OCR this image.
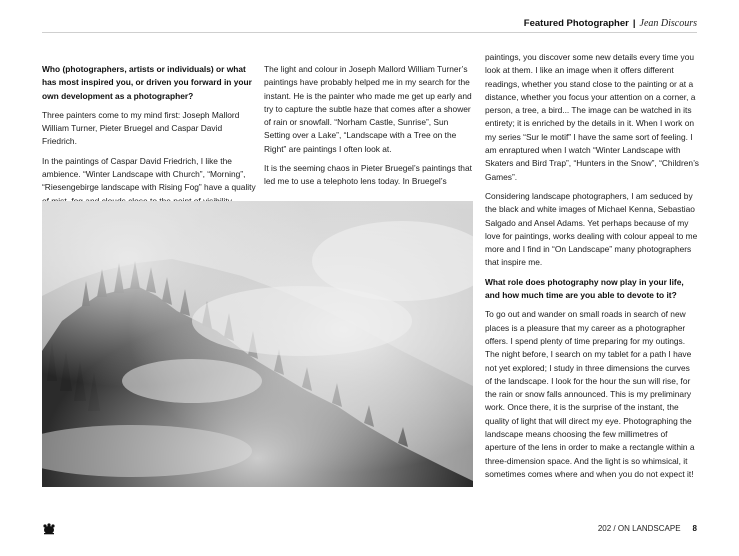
Featured Photographer | Jean Discours
Who (photographers, artists or individuals) or what has most inspired you, or driven you forward in your own development as a photographer?

Three painters come to my mind first: Joseph Mallord William Turner, Pieter Bruegel and Caspar David Friedrich.

In the paintings of Caspar David Friedrich, I like the ambience. “Winter Landscape with Church”, “Morning”, “Riesengebirge landscape with Rising Fog” have a quality

The light and colour in Joseph Mallord William Turner’s paintings have probably helped me in my search for the instant. He is the painter who made me get up early and try to capture the subtle haze that comes after a shower of rain or snowfall. “Norham Castle, Sunrise”, Sun Setting over a Lake”, “Landscape with a Tree on the Right” are paintings I often look at.

It is the seeming chaos in Pieter Bruegel’s paintings that led me to use a telephoto lens today. In Bruegel’s

paintings, you discover some new details every time you look at them. I like an image when it offers different readings, whether you stand close to the painting or at a distance, whether you focus your attention on a corner, a person, a tree, a bird... The image can be watched in its entirety; it is enriched by the details in it. When I work on my series “Sur le motif” I have the same sort of feeling. I am enraptured when I watch “Winter Landscape with Skaters and Bird Trap”, “Hunters in the Snow”, “Children’s Games”.

Considering landscape photographers, I am seduced by the black and white images of Michael Kenna, Sebastiao Salgado and Ansel Adams. Yet perhaps because of my love for paintings, works dealing with colour appeal to me more and I find in “On Landscape” many photographers that inspire me.

What role does photography now play in your life, and how much time are you able to devote to it?

To go out and wander on small roads in search of new places is a pleasure that my career as a photographer offers. I spend plenty of time preparing for my outings. The night before, I search on my tablet for a path I have not yet explored; I study in three dimensions the curves of the landscape. I look for the hour the sun will rise, for the rain or snow falls announced. This is my preliminary work. Once there, it is the surprise of the instant, the quality of light that will direct my eye. Photographing the landscape means choosing the few millimetres of aperture of the lens in order to make a rectangle within a three-dimension space. And the light is so whimsical, it sometimes comes where and when you do not expect it!

202 / ON LANDSCAPE 8
